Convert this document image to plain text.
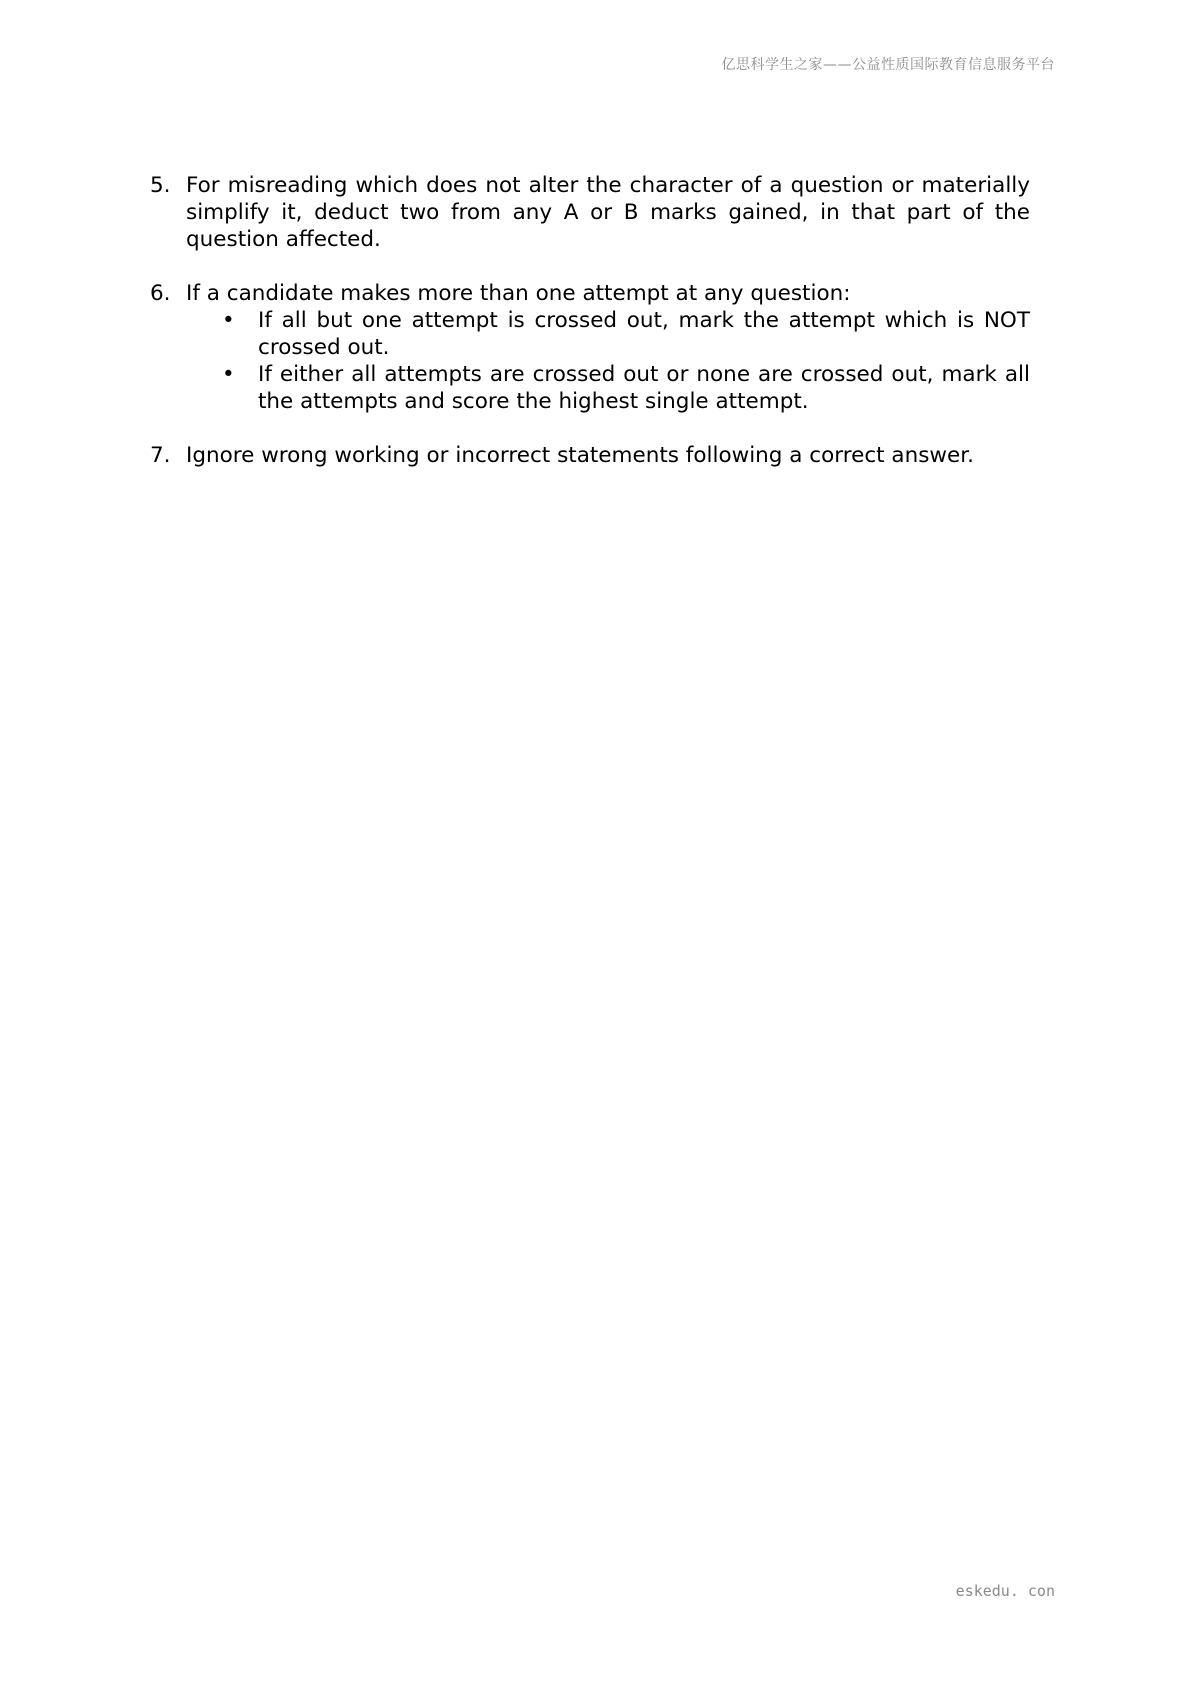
亿思科学生之家——公益性质国际教育信息服务平台
5. For misreading which does not alter the character of a question or materially simplify it, deduct two from any A or B marks gained, in that part of the question affected.
6. If a candidate makes more than one attempt at any question:
• If all but one attempt is crossed out, mark the attempt which is NOT crossed out.
• If either all attempts are crossed out or none are crossed out, mark all the attempts and score the highest single attempt.
7. Ignore wrong working or incorrect statements following a correct answer.
eskedu. con
